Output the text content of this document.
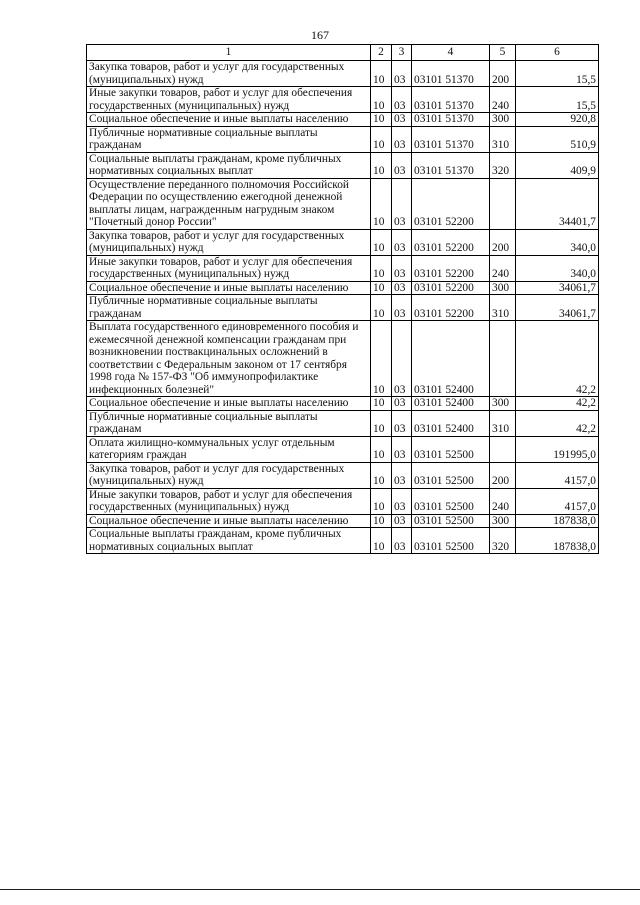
167
1	2	3	4	5	6
Закупка товаров, работ и услуг для государственных (муниципальных) нужд	10	03	03101 51370	200	15,5
Иные закупки товаров, работ и услуг для обеспечения государственных (муниципальных) нужд	10	03	03101 51370	240	15,5
Социальное обеспечение и иные выплаты населению	10	03	03101 51370	300	920,8
Публичные нормативные социальные выплаты гражданам	10	03	03101 51370	310	510,9
Социальные выплаты гражданам, кроме публичных нормативных социальных выплат	10	03	03101 51370	320	409,9
Осуществление переданного полномочия Российской Федерации по осуществлению ежегодной денежной выплаты лицам, награжденным нагрудным знаком "Почетный донор России"	10	03	03101 52200		34401,7
Закупка товаров, работ и услуг для государственных (муниципальных) нужд	10	03	03101 52200	200	340,0
Иные закупки товаров, работ и услуг для обеспечения государственных (муниципальных) нужд	10	03	03101 52200	240	340,0
Социальное обеспечение и иные выплаты населению	10	03	03101 52200	300	34061,7
Публичные нормативные социальные выплаты гражданам	10	03	03101 52200	310	34061,7
Выплата государственного единовременного пособия и ежемесячной денежной компенсации гражданам при возникновении поствакцинальных осложнений в соответствии с Федеральным законом от 17 сентября 1998 года № 157-ФЗ "Об иммунопрофилактике инфекционных болезней"	10	03	03101 52400		42,2
Социальное обеспечение и иные выплаты населению	10	03	03101 52400	300	42,2
Публичные нормативные социальные выплаты гражданам	10	03	03101 52400	310	42,2
Оплата жилищно-коммунальных услуг отдельным категориям граждан	10	03	03101 52500		191995,0
Закупка товаров, работ и услуг для государственных (муниципальных) нужд	10	03	03101 52500	200	4157,0
Иные закупки товаров, работ и услуг для обеспечения государственных (муниципальных) нужд	10	03	03101 52500	240	4157,0
Социальное обеспечение и иные выплаты населению	10	03	03101 52500	300	187838,0
Социальные выплаты гражданам, кроме публичных нормативных социальных выплат	10	03	03101 52500	320	187838,0
